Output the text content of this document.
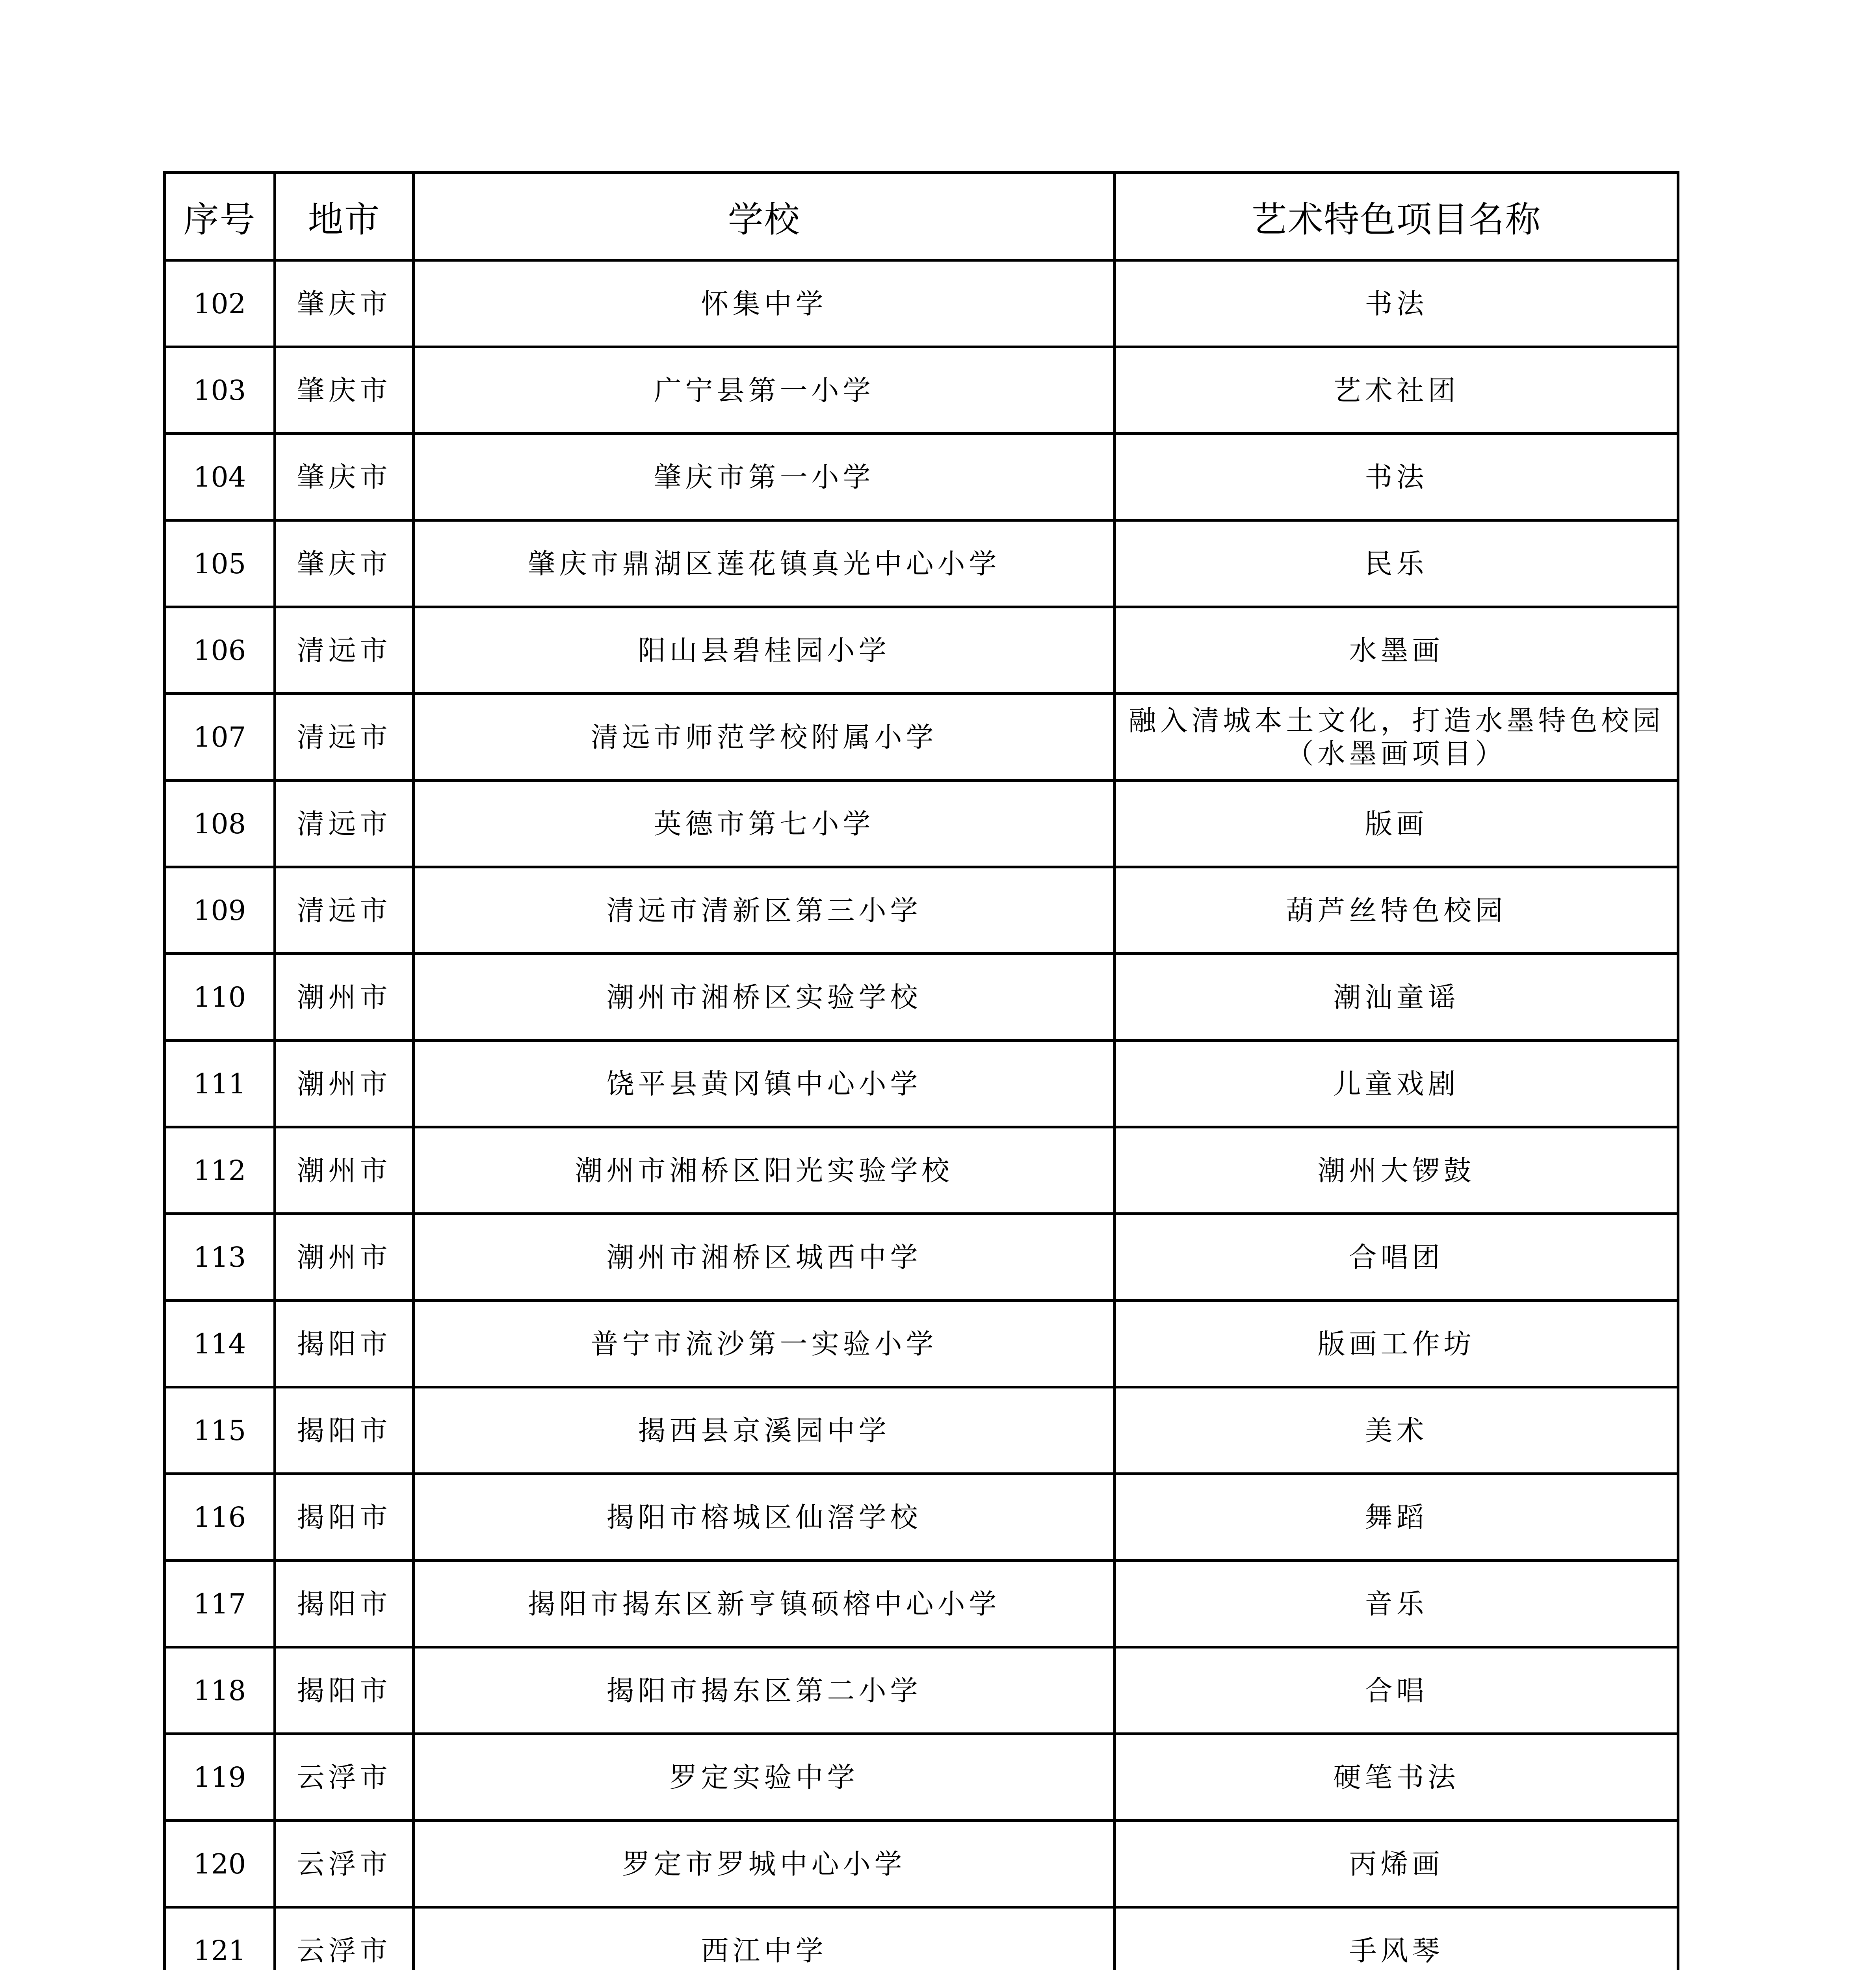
序号	地市	学校	艺术特色项目名称
102	肇庆市	怀集中学	书法
103	肇庆市	广宁县第一小学	艺术社团
104	肇庆市	肇庆市第一小学	书法
105	肇庆市	肇庆市鼎湖区莲花镇真光中心小学	民乐
106	清远市	阳山县碧桂园小学	水墨画
107	清远市	清远市师范学校附属小学	融入清城本土文化，打造水墨特色校园（水墨画项目）
108	清远市	英德市第七小学	版画
109	清远市	清远市清新区第三小学	葫芦丝特色校园
110	潮州市	潮州市湘桥区实验学校	潮汕童谣
111	潮州市	饶平县黄冈镇中心小学	儿童戏剧
112	潮州市	潮州市湘桥区阳光实验学校	潮州大锣鼓
113	潮州市	潮州市湘桥区城西中学	合唱团
114	揭阳市	普宁市流沙第一实验小学	版画工作坊
115	揭阳市	揭西县京溪园中学	美术
116	揭阳市	揭阳市榕城区仙滘学校	舞蹈
117	揭阳市	揭阳市揭东区新亨镇硕榕中心小学	音乐
118	揭阳市	揭阳市揭东区第二小学	合唱
119	云浮市	罗定实验中学	硬笔书法
120	云浮市	罗定市罗城中心小学	丙烯画
121	云浮市	西江中学	手风琴
